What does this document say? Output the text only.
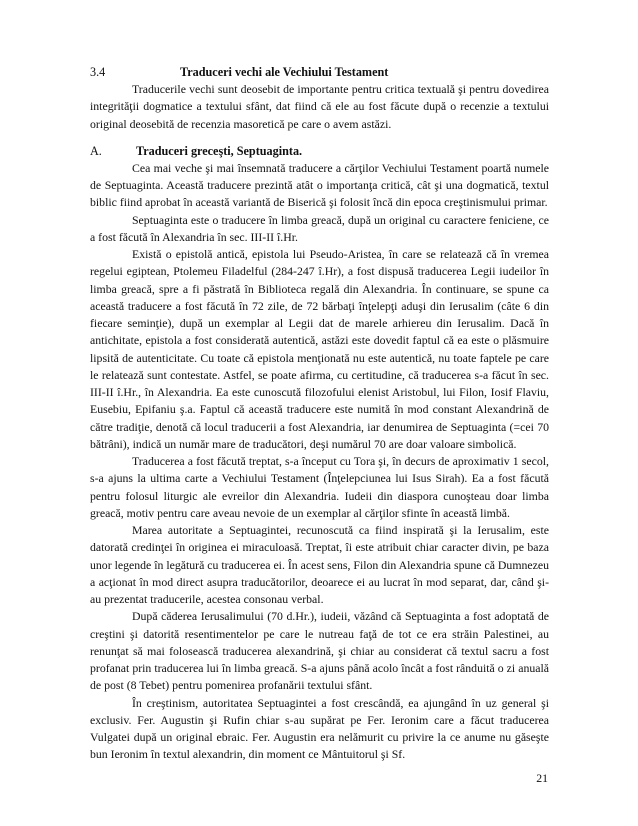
3.4	Traduceri vechi ale Vechiului Testament

Traducerile vechi sunt deosebit de importante pentru critica textuală şi pentru dovedirea integrităţii dogmatice a textului sfânt, dat fiind că ele au fost făcute după o recenzie a textului original deosebită de recenzia masoretică pe care o avem astăzi.

A.	Traduceri greceşti, Septuaginta.

Cea mai veche şi mai însemnată traducere a cărţilor Vechiului Testament poartă numele de Septuaginta. Această traducere prezintă atât o importanţa critică, cât şi una dogmatică, textul biblic fiind aprobat în această variantă de Biserică şi folosit încă din epoca creştinismului primar.

Septuaginta este o traducere în limba greacă, după un original cu caractere feniciene, ce a fost făcută în Alexandria în sec. III-II î.Hr.

Există o epistolă antică, epistola lui Pseudo-Aristea, în care se relatează că în vremea regelui egiptean, Ptolemeu Filadelful (284-247 î.Hr), a fost dispusă traducerea Legii iudeilor în limba greacă, spre a fi păstrată în Biblioteca regală din Alexandria. În continuare, se spune ca această traducere a fost făcută în 72 zile, de 72 bărbaţi înţelepţi aduşi din Ierusalim (câte 6 din fiecare seminţie), după un exemplar al Legii dat de marele arhiereu din Ierusalim. Dacă în antichitate, epistola a fost considerată autentică, astăzi este dovedit faptul că ea este o plăsmuire lipsită de autenticitate. Cu toate că epistola menţionată nu este autentică, nu toate faptele pe care le relatează sunt contestate. Astfel, se poate afirma, cu certitudine, că traducerea s-a făcut în sec. III-II î.Hr., în Alexandria. Ea este cunoscută filozofului elenist Aristobul, lui Filon, Iosif Flaviu, Eusebiu, Epifaniu ş.a. Faptul că această traducere este numită în mod constant Alexandrină de către tradiţie, denotă că locul traducerii a fost Alexandria, iar denumirea de Septuaginta (=cei 70 bătrâni), indică un număr mare de traducători, deşi numărul 70 are doar valoare simbolică.

Traducerea a fost făcută treptat, s-a început cu Tora şi, în decurs de aproximativ 1 secol, s-a ajuns la ultima carte a Vechiului Testament (Înţelepciunea lui Isus Sirah). Ea a fost făcută pentru folosul liturgic ale evreilor din Alexandria. Iudeii din diaspora cunoşteau doar limba greacă, motiv pentru care aveau nevoie de un exemplar al cărţilor sfinte în această limbă.

Marea autoritate a Septuagintei, recunoscută ca fiind inspirată şi la Ierusalim, este datorată credinţei în originea ei miraculoasă. Treptat, îi este atribuit chiar caracter divin, pe baza unor legende în legătură cu traducerea ei. În acest sens, Filon din Alexandria spune că Dumnezeu a acţionat în mod direct asupra traducătorilor, deoarece ei au lucrat în mod separat, dar, când şi-au prezentat traducerile, acestea consonau verbal.

După căderea Ierusalimului (70 d.Hr.), iudeii, văzând că Septuaginta a fost adoptată de creştini şi datorită resentimentelor pe care le nutreau faţă de tot ce era străin Palestinei, au renunţat să mai folosească traducerea alexandrină, şi chiar au considerat că textul sacru a fost profanat prin traducerea lui în limba greacă. S-a ajuns până acolo încât a fost rânduită o zi anuală de post (8 Tebet) pentru pomenirea profanării textului sfânt.

În creştinism, autoritatea Septuagintei a fost crescândă, ea ajungând în uz general şi exclusiv. Fer. Augustin şi Rufin chiar s-au supărat pe Fer. Ieronim care a făcut traducerea Vulgatei după un original ebraic. Fer. Augustin era nelămurit cu privire la ce anume nu găseşte bun Ieronim în textul alexandrin, din moment ce Mântuitorul şi Sf.

21
